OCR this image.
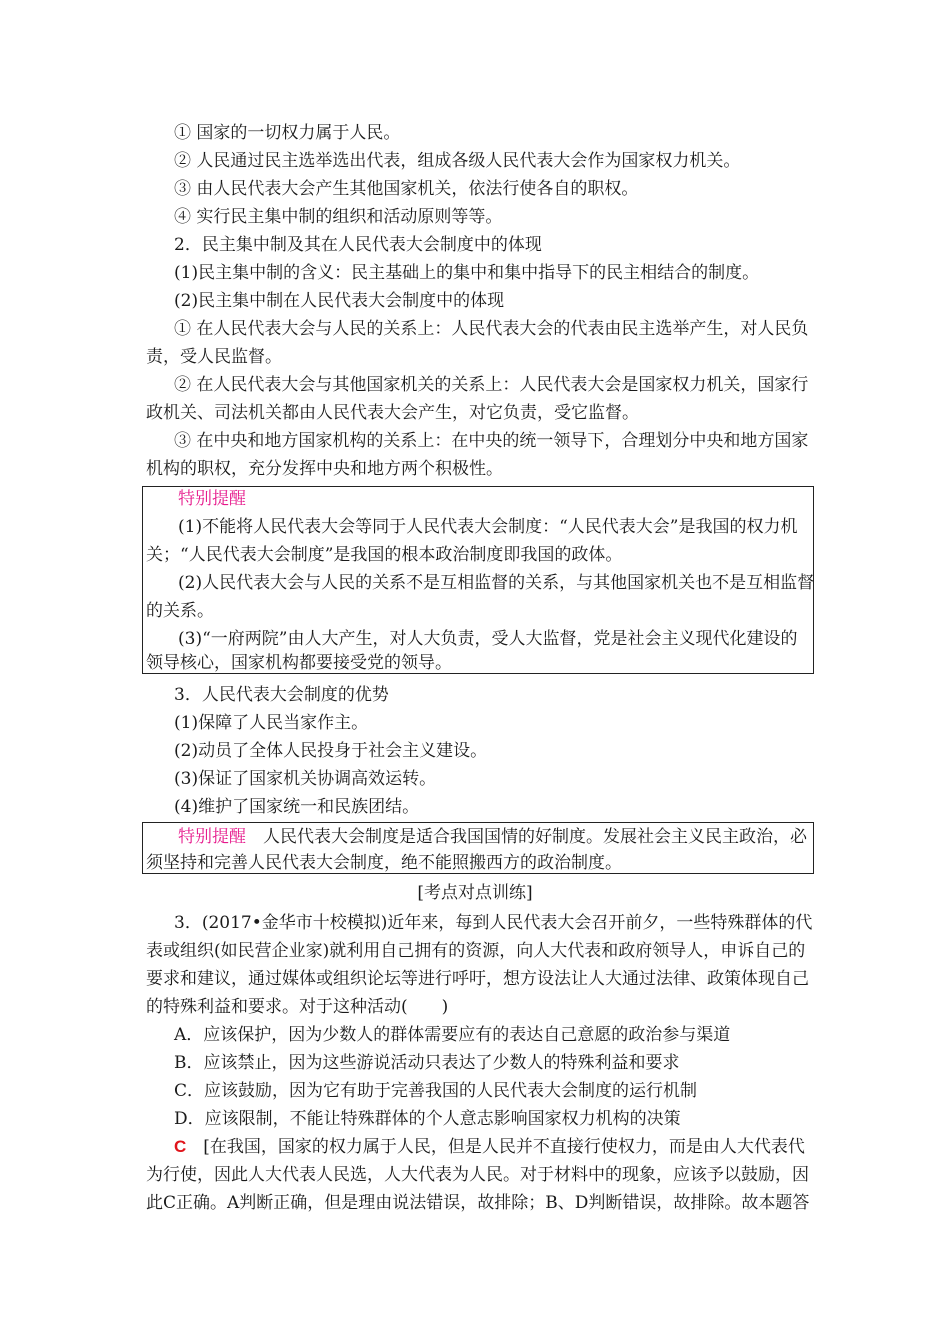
① 国家的一切权力属于人民。
② 人民通过民主选举选出代表，组成各级人民代表大会作为国家权力机关。
③ 由人民代表大会产生其他国家机关，依法行使各自的职权。
④ 实行民主集中制的组织和活动原则等等。
2．民主集中制及其在人民代表大会制度中的体现
(1)民主集中制的含义：民主基础上的集中和集中指导下的民主相结合的制度。
(2)民主集中制在人民代表大会制度中的体现
① 在人民代表大会与人民的关系上：人民代表大会的代表由民主选举产生，对人民负
责，受人民监督。
② 在人民代表大会与其他国家机关的关系上：人民代表大会是国家权力机关，国家行
政机关、司法机关都由人民代表大会产生，对它负责，受它监督。
③ 在中央和地方国家机构的关系上：在中央的统一领导下，合理划分中央和地方国家
机构的职权，充分发挥中央和地方两个积极性。
特别提醒
(1)不能将人民代表大会等同于人民代表大会制度：“人民代表大会”是我国的权力机
关；“人民代表大会制度”是我国的根本政治制度即我国的政体。
(2)人民代表大会与人民的关系不是互相监督的关系，与其他国家机关也不是互相监督
的关系。
(3)“一府两院”由人大产生，对人大负责，受人大监督，党是社会主义现代化建设的
领导核心，国家机构都要接受党的领导。
3．人民代表大会制度的优势
(1)保障了人民当家作主。
(2)动员了全体人民投身于社会主义建设。
(3)保证了国家机关协调高效运转。
(4)维护了国家统一和民族团结。
特别提醒　 人民代表大会制度是适合我国国情的好制度。发展社会主义民主政治，必
须坚持和完善人民代表大会制度，绝不能照搬西方的政治制度。
[考点对点训练]
3．(2017•金华市十校模拟)近年来，每到人民代表大会召开前夕，一些特殊群体的代
表或组织(如民营企业家)就利用自己拥有的资源，向人大代表和政府领导人，申诉自己的
要求和建议，通过媒体或组织论坛等进行呼吁，想方设法让人大通过法律、政策体现自己
的特殊利益和要求。对于这种活动(　　)
A．应该保护，因为少数人的群体需要应有的表达自己意愿的政治参与渠道
B．应该禁止，因为这些游说活动只表达了少数人的特殊利益和要求
C．应该鼓励，因为它有助于完善我国的人民代表大会制度的运行机制
D．应该限制，不能让特殊群体的个人意志影响国家权力机构的决策
C　 [在我国，国家的权力属于人民，但是人民并不直接行使权力，而是由人大代表代
为行使，因此人大代表人民选，人大代表为人民。对于材料中的现象，应该予以鼓励，因
此C正确。A判断正确，但是理由说法错误，故排除；B、D判断错误，故排除。故本题答
